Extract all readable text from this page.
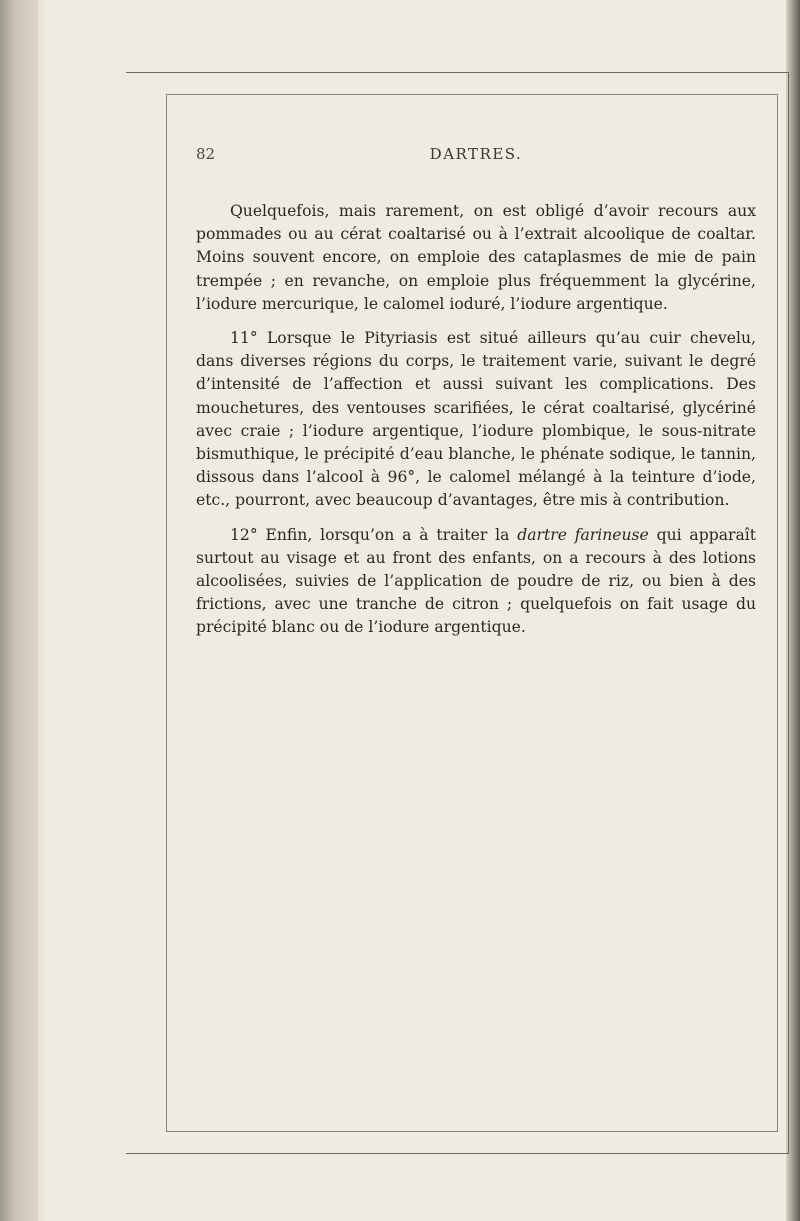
82	DARTRES.

Quelquefois, mais rarement, on est obligé d’avoir recours aux pommades ou au cérat coaltarisé ou à l’extrait alcoolique de coaltar. Moins souvent encore, on emploie des cataplasmes de mie de pain trempée ; en revanche, on emploie plus fréquemment la glycérine, l’iodure mercurique, le calomel ioduré, l’iodure argentique.

11° Lorsque le Pityriasis est situé ailleurs qu’au cuir chevelu, dans diverses régions du corps, le traitement varie, suivant le degré d’intensité de l’affection et aussi suivant les complications. Des mouchetures, des ventouses scarifiées, le cérat coaltarisé, glycériné avec craie ; l’iodure argentique, l’iodure plombique, le sous-nitrate bismuthique, le précipité d’eau blanche, le phénate sodique, le tannin, dissous dans l’alcool à 96°, le calomel mélangé à la teinture d’iode, etc., pourront, avec beaucoup d’avantages, être mis à contribution.

12° Enfin, lorsqu’on a à traiter la dartre farineuse qui apparaît surtout au visage et au front des enfants, on a recours à des lotions alcoolisées, suivies de l’application de poudre de riz, ou bien à des frictions, avec une tranche de citron ; quelquefois on fait usage du précipité blanc ou de l’iodure argentique.
